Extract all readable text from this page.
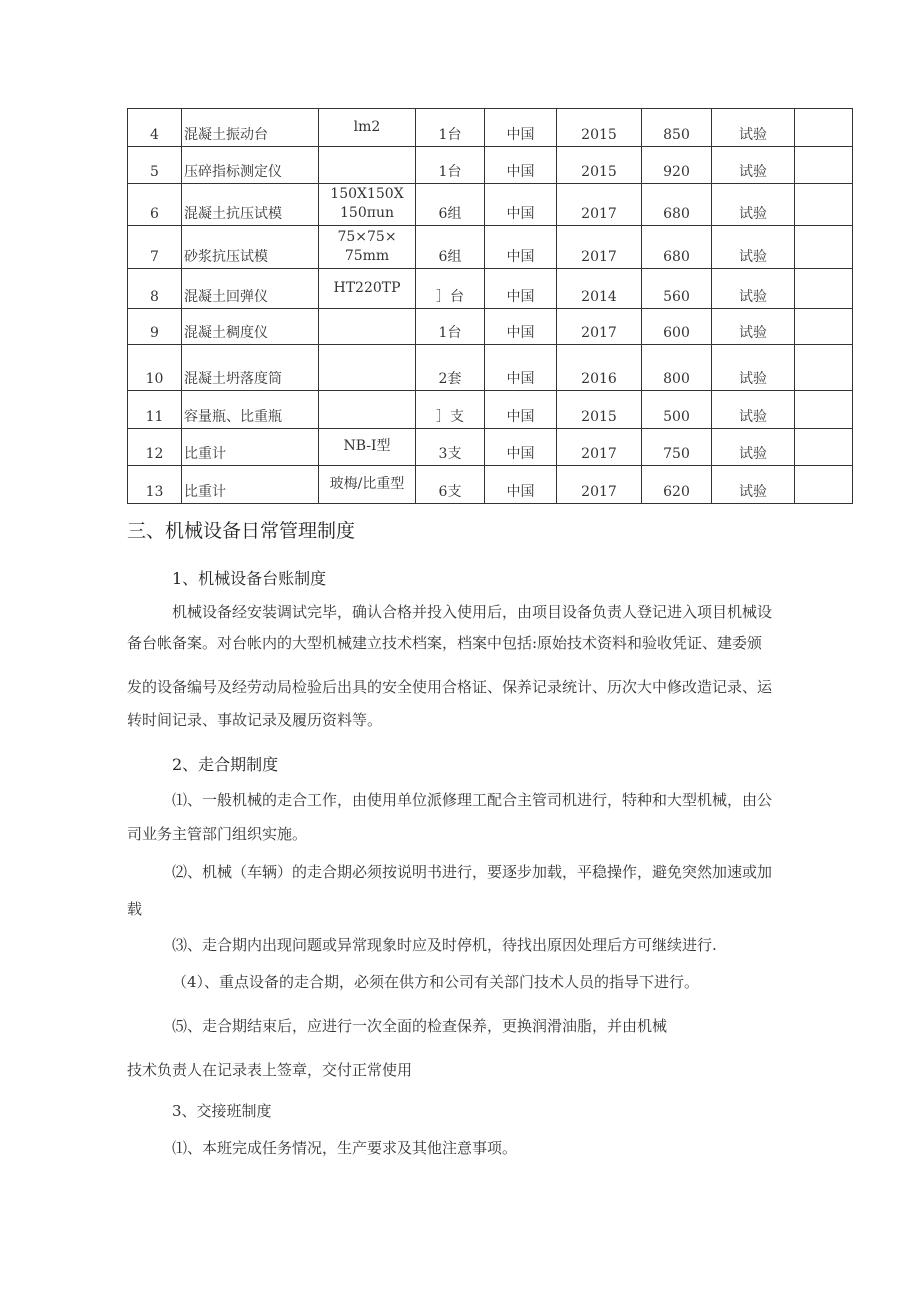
4	混凝土振动台	lm2	1台	中国	2015	850	试验	
5	压碎指标测定仪		1台	中国	2015	920	试验	
6	混凝土抗压试模	150X150X 150πun	6组	中国	2017	680	试验	
7	砂浆抗压试模	75×75× 75mm	6组	中国	2017	680	试验	
8	混凝土回弹仪	HT220TP	］台	中国	2014	560	试验	
9	混凝土稠度仪		1台	中国	2017	600	试验	
10	混凝土坍落度筒		2套	中国	2016	800	试验	
11	容量瓶、比重瓶		］支	中国	2015	500	试验	
12	比重计	NB-I型	3支	中国	2017	750	试验	
13	比重计	玻梅/比重型	6支	中国	2017	620	试验	
三、机械设备日常管理制度
1、机械设备台账制度
机械设备经安装调试完毕，确认合格并投入使用后，由项目设备负责人登记进入项目机械设
备台帐备案。对台帐内的大型机械建立技术档案，档案中包括:原始技术资料和验收凭证、建委颁
发的设备编号及经劳动局检验后出具的安全使用合格证、保养记录统计、历次大中修改造记录、运
转时间记录、事故记录及履历资料等。
2、走合期制度
⑴、一般机械的走合工作，由使用单位派修理工配合主管司机进行，特种和大型机械，由公
司业务主管部门组织实施。
⑵、机械（车辆）的走合期必须按说明书进行，要逐步加载，平稳操作，避免突然加速或加
载
⑶、走合期内出现问题或异常现象时应及时停机，待找出原因处理后方可继续进行.
（4）、重点设备的走合期，必须在供方和公司有关部门技术人员的指导下进行。
⑸、走合期结束后，应进行一次全面的检查保养，更换润滑油脂，并由机械
技术负责人在记录表上签章，交付正常使用
3、交接班制度
⑴、本班完成任务情况，生产要求及其他注意事项。
